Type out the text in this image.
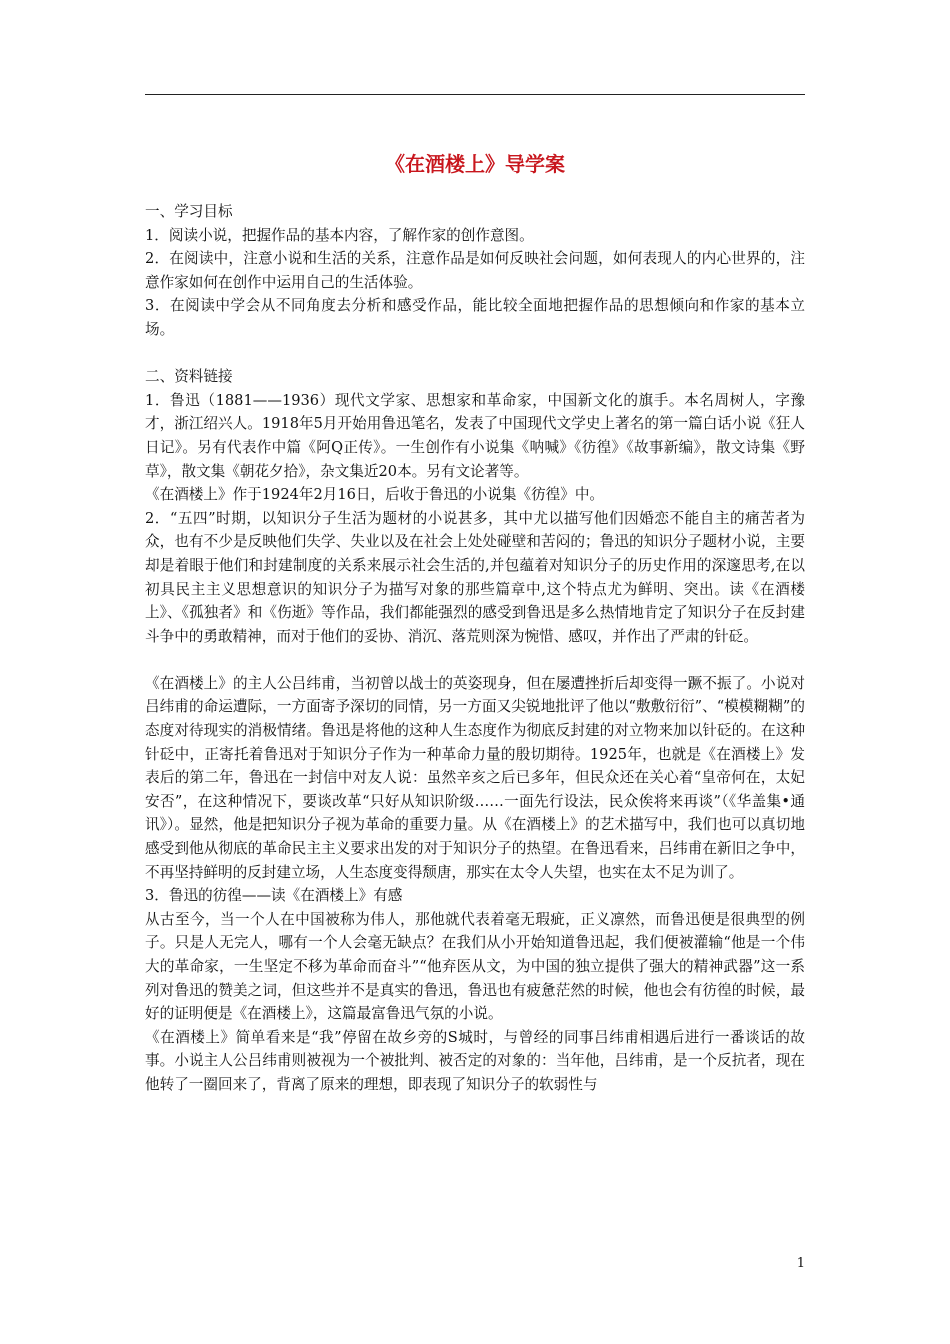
《在酒楼上》导学案

一、学习目标

1．阅读小说，把握作品的基本内容，了解作家的创作意图。

2．在阅读中，注意小说和生活的关系，注意作品是如何反映社会问题，如何表现人的内心世界的，注意作家如何在创作中运用自己的生活体验。

3．在阅读中学会从不同角度去分析和感受作品，能比较全面地把握作品的思想倾向和作家的基本立场。

二、资料链接

1．鲁迅（1881——1936）现代文学家、思想家和革命家，中国新文化的旗手。本名周树人，字豫才，浙江绍兴人。1918年5月开始用鲁迅笔名，发表了中国现代文学史上著名的第一篇白话小说《狂人日记》。另有代表作中篇《阿Q正传》。一生创作有小说集《呐喊》《彷徨》《故事新编》，散文诗集《野草》，散文集《朝花夕拾》，杂文集近20本。另有文论著等。

《在酒楼上》作于1924年2月16日，后收于鲁迅的小说集《彷徨》中。

2．“五四”时期，以知识分子生活为题材的小说甚多，其中尤以描写他们因婚恋不能自主的痛苦者为众，也有不少是反映他们失学、失业以及在社会上处处碰壁和苦闷的；鲁迅的知识分子题材小说，主要却是着眼于他们和封建制度的关系来展示社会生活的,并包蕴着对知识分子的历史作用的深邃思考,在以初具民主主义思想意识的知识分子为描写对象的那些篇章中,这个特点尤为鲜明、突出。读《在酒楼上》、《孤独者》和《伤逝》等作品，我们都能强烈的感受到鲁迅是多么热情地肯定了知识分子在反封建斗争中的勇敢精神，而对于他们的妥协、消沉、落荒则深为惋惜、感叹，并作出了严肃的针砭。

《在酒楼上》的主人公吕纬甫，当初曾以战士的英姿现身，但在屡遭挫折后却变得一蹶不振了。小说对吕纬甫的命运遭际，一方面寄予深切的同情，另一方面又尖锐地批评了他以“敷敷衍衍”、“模模糊糊”的态度对待现实的消极情绪。鲁迅是将他的这种人生态度作为彻底反封建的对立物来加以针砭的。在这种针砭中，正寄托着鲁迅对于知识分子作为一种革命力量的殷切期待。1925年，也就是《在酒楼上》发表后的第二年，鲁迅在一封信中对友人说：虽然辛亥之后已多年，但民众还在关心着“皇帝何在，太妃安否”，在这种情况下，要谈改革“只好从知识阶级……一面先行设法，民众俟将来再谈”（《华盖集•通讯》）。显然，他是把知识分子视为革命的重要力量。从《在酒楼上》的艺术描写中，我们也可以真切地感受到他从彻底的革命民主主义要求出发的对于知识分子的热望。在鲁迅看来，吕纬甫在新旧之争中，不再坚持鲜明的反封建立场，人生态度变得颓唐，那实在太令人失望，也实在太不足为训了。

3．鲁迅的彷徨——读《在酒楼上》有感

从古至今，当一个人在中国被称为伟人，那他就代表着毫无瑕疵，正义凛然，而鲁迅便是很典型的例子。只是人无完人，哪有一个人会毫无缺点？在我们从小开始知道鲁迅起，我们便被灌输“他是一个伟大的革命家，一生坚定不移为革命而奋斗”“他弃医从文，为中国的独立提供了强大的精神武器”这一系列对鲁迅的赞美之词，但这些并不是真实的鲁迅，鲁迅也有疲惫茫然的时候，他也会有彷徨的时候，最好的证明便是《在酒楼上》，这篇最富鲁迅气氛的小说。

《在酒楼上》简单看来是“我”停留在故乡旁的S城时，与曾经的同事吕纬甫相遇后进行一番谈话的故事。小说主人公吕纬甫则被视为一个被批判、被否定的对象的：当年他，吕纬甫，是一个反抗者，现在他转了一圈回来了，背离了原来的理想，即表现了知识分子的软弱性与

1
